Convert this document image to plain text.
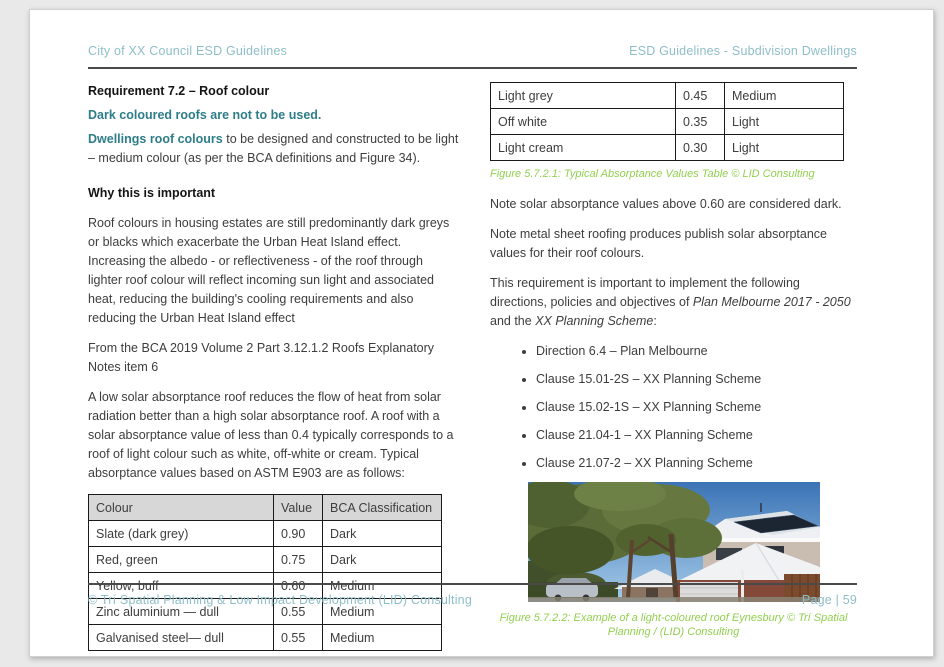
City of XX Council ESD Guidelines	ESD Guidelines - Subdivision Dwellings
Requirement 7.2 – Roof colour

Dark coloured roofs are not to be used.

Dwellings roof colours to be designed and constructed to be light – medium colour (as per the BCA definitions and Figure 34).

Why this is important

Roof colours in housing estates are still predominantly dark greys or blacks which exacerbate the Urban Heat Island effect. Increasing the albedo - or reflectiveness - of the roof through lighter roof colour will reflect incoming sun light and associated heat, reducing the building's cooling requirements and also reducing the Urban Heat Island effect

From the BCA 2019 Volume 2 Part 3.12.1.2 Roofs Explanatory Notes item 6

A low solar absorptance roof reduces the flow of heat from solar radiation better than a high solar absorptance roof. A roof with a solar absorptance value of less than 0.4 typically corresponds to a roof of light colour such as white, off-white or cream. Typical absorptance values based on ASTM E903 are as follows:

Colour	Value	BCA Classification
Slate (dark grey)	0.90	Dark
Red, green	0.75	Dark
Yellow, buff	0.60	Medium
Zinc aluminium — dull	0.55	Medium
Galvanised steel— dull	0.55	Medium
Light grey	0.45	Medium
Off white	0.35	Light
Light cream	0.30	Light
Figure 5.7.2.1: Typical Absorptance Values Table © LID Consulting

Note solar absorptance values above 0.60 are considered dark.

Note metal sheet roofing produces publish solar absorptance values for their roof colours.

This requirement is important to implement the following directions, policies and objectives of Plan Melbourne 2017 - 2050 and the XX Planning Scheme:

• Direction 6.4 – Plan Melbourne
• Clause 15.01-2S – XX Planning Scheme
• Clause 15.02-1S – XX Planning Scheme
• Clause 21.04-1 – XX Planning Scheme
• Clause 21.07-2 – XX Planning Scheme
Figure 5.7.2.2: Example of a light-coloured roof Eynesbury © Trí Spatial Planning / (LID) Consulting
© Trí Spatial Planning & Low Impact Development (LID) Consulting	Page | 59
